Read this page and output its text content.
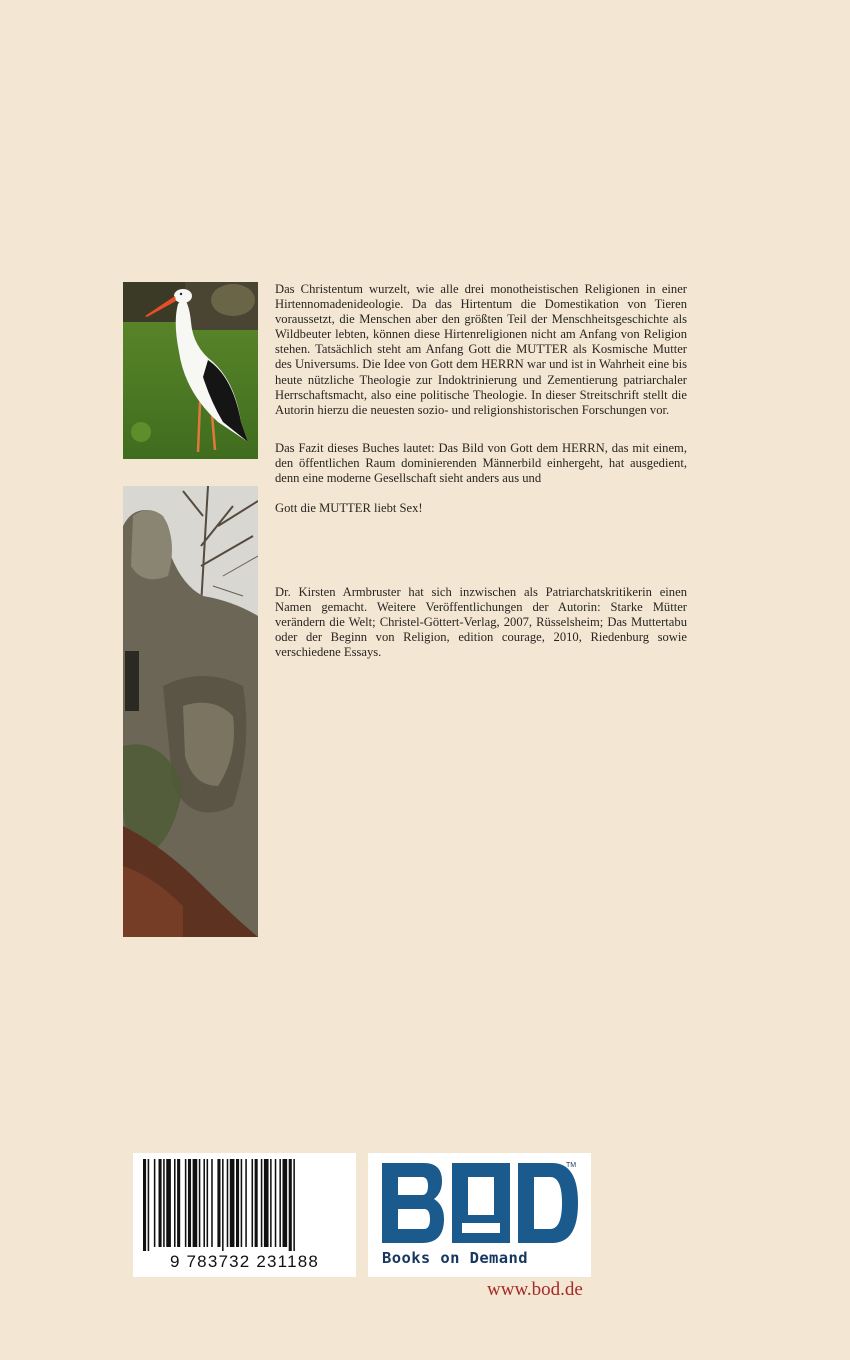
Das Christentum wurzelt, wie alle drei monotheistischen Religionen in einer Hirtennomadenideologie. Da das Hirtentum die Domestikation von Tieren voraussetzt, die Menschen aber den größten Teil der Menschheitsgeschichte als Wildbeuter lebten, können diese Hirtenreligionen nicht am Anfang von Religion stehen. Tatsächlich steht am Anfang Gott die MUTTER als Kosmische Mutter des Universums. Die Idee von Gott dem HERRN war und ist in Wahrheit eine bis heute nützliche Theologie zur Indoktrinierung und Zementierung patriarchaler Herrschaftsmacht, also eine politische Theologie. In dieser Streitschrift stellt die Autorin hierzu die neuesten sozio- und religionshistorischen Forschungen vor.

Das Fazit dieses Buches lautet: Das Bild von Gott dem HERRN, das mit einem, den öffentlichen Raum dominierenden Männerbild einhergeht, hat ausgedient, denn eine moderne Gesellschaft sieht anders aus und

Gott die MUTTER liebt Sex!

Dr. Kirsten Armbruster hat sich inzwischen als Patriarchatskritikerin einen Namen gemacht. Weitere Veröffentlichungen der Autorin: Starke Mütter verändern die Welt; Christel-Göttert-Verlag, 2007, Rüsselsheim; Das Muttertabu oder der Beginn von Religion, edition courage, 2010, Riedenburg sowie verschiedene Essays.

9 783732 231188
TM
Books on Demand
www.bod.de
